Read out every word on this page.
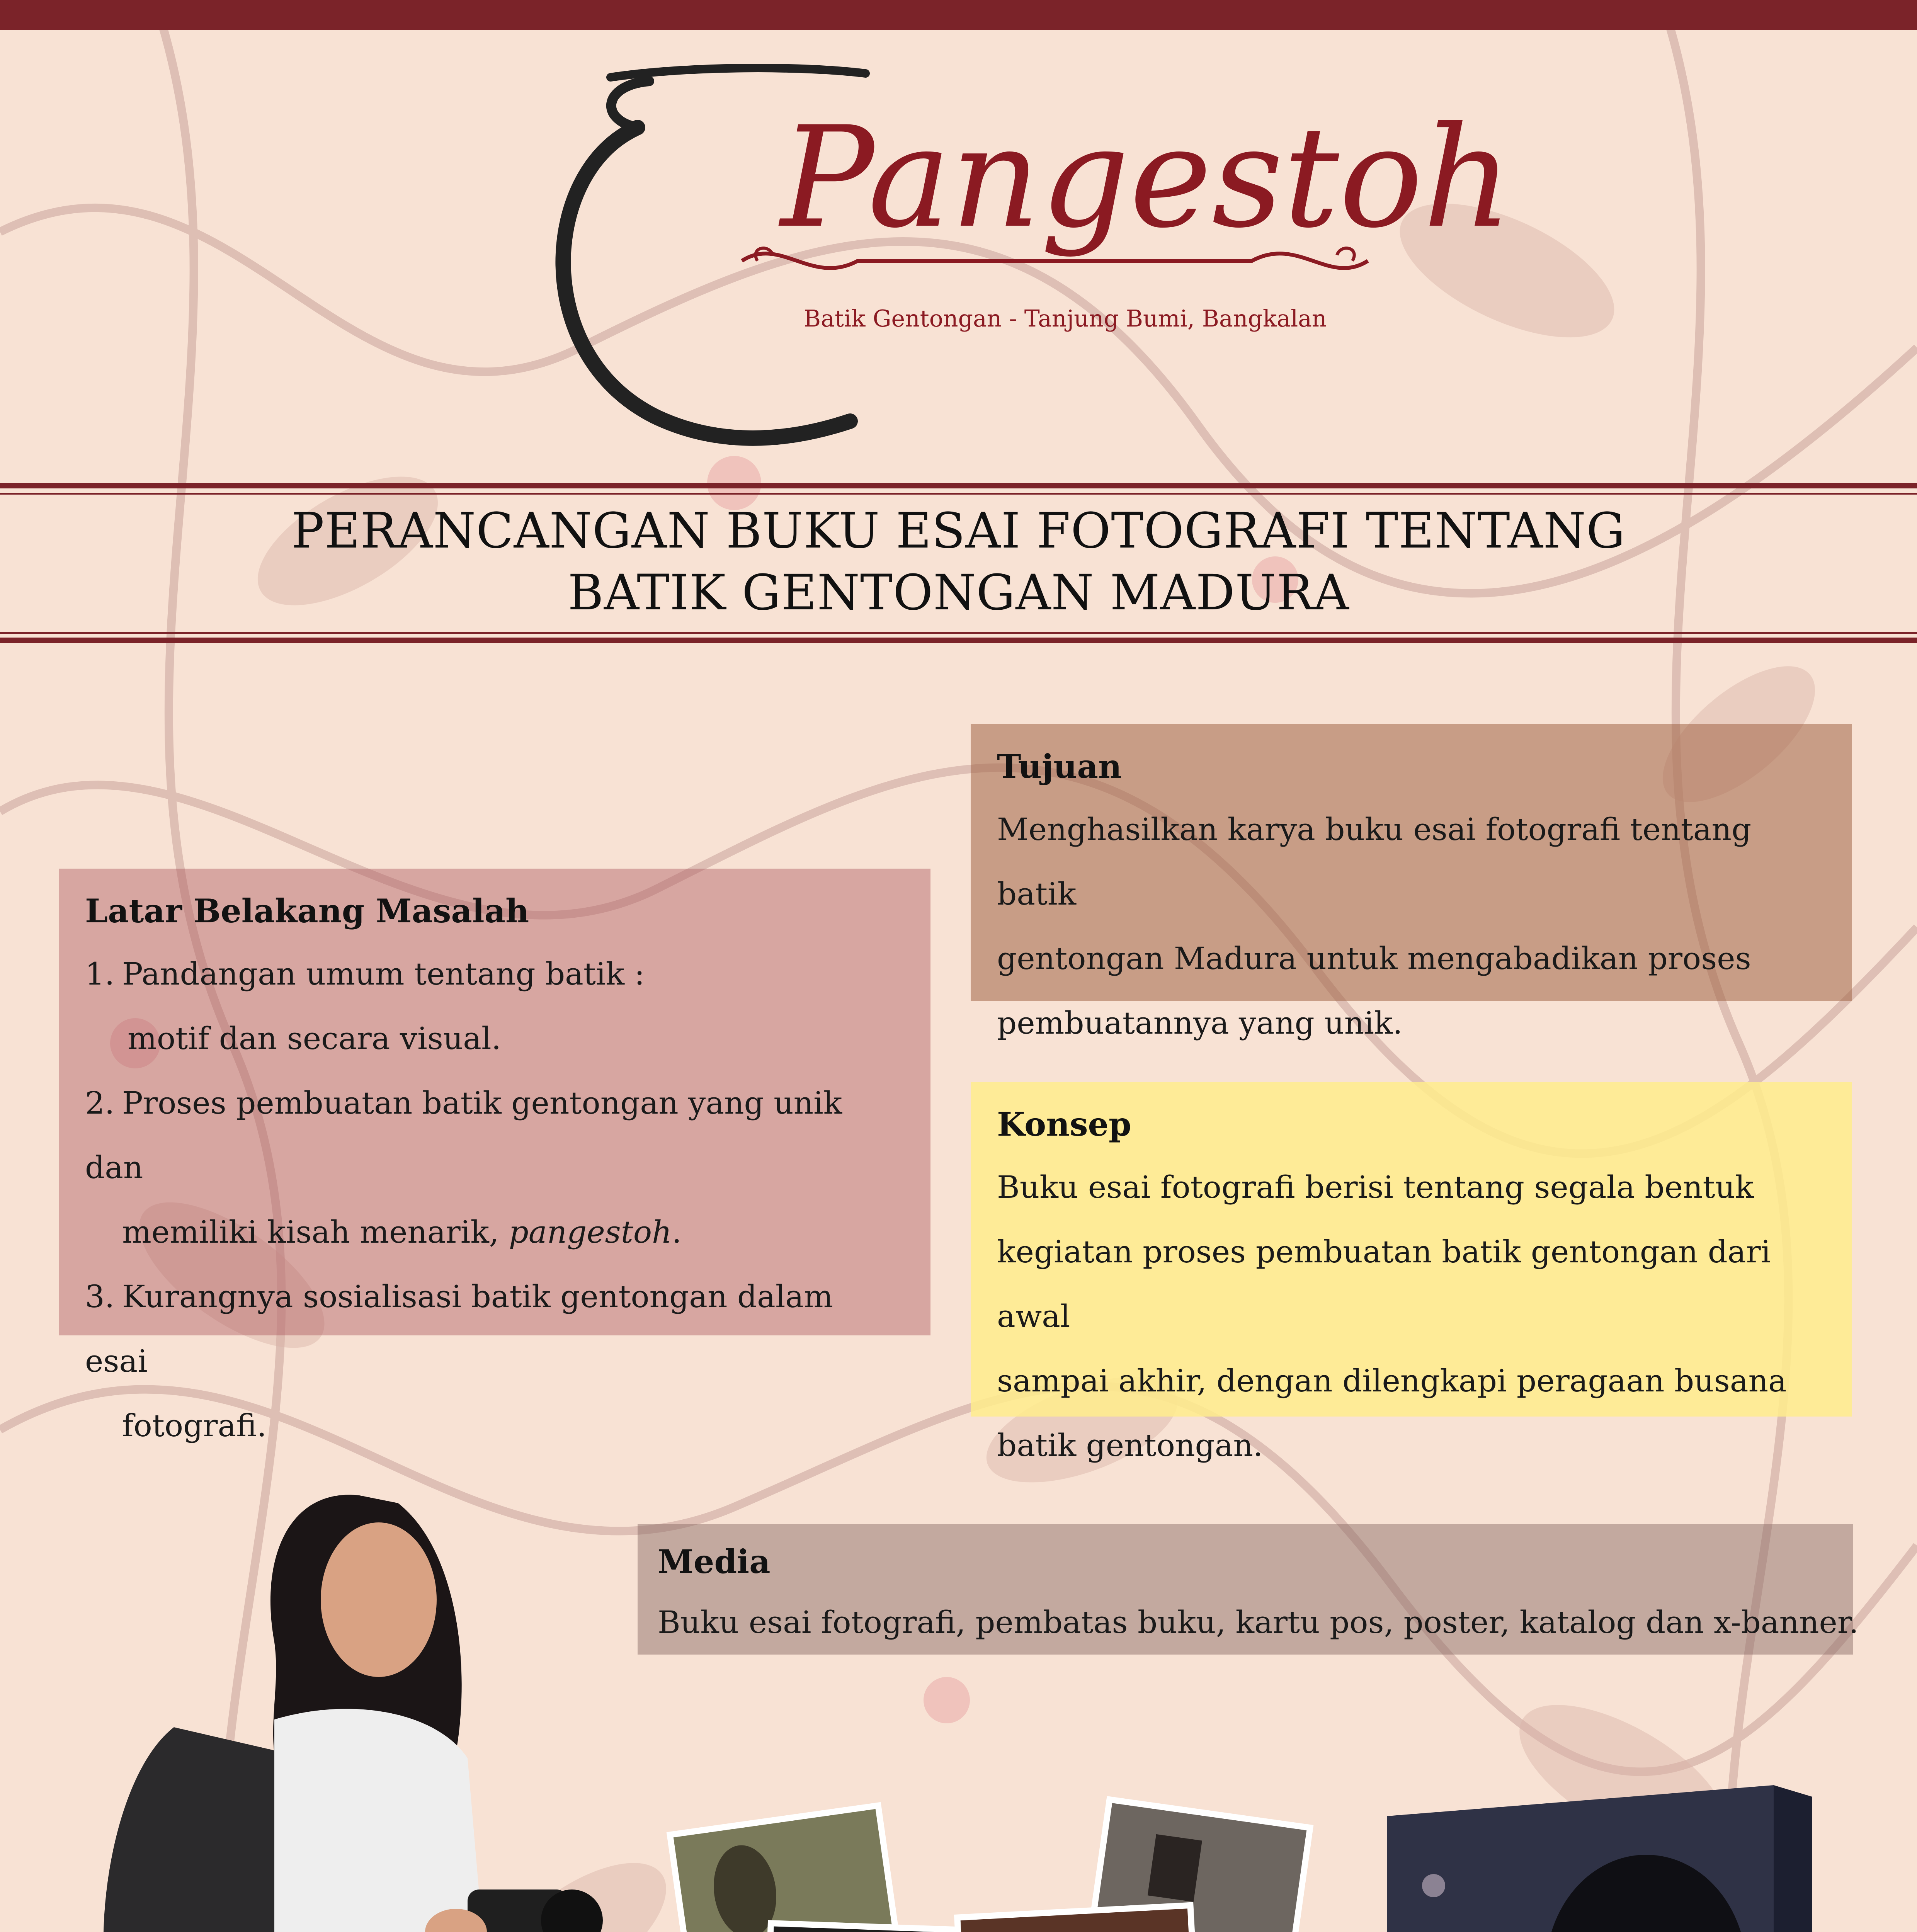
Pangestoh
Batik Gentongan - Tanjung Bumi, Bangkalan
PERANCANGAN BUKU ESAI FOTOGRAFI TENTANG
BATIK GENTONGAN MADURA
Latar Belakang Masalah
1. Pandangan umum tentang batik :
motif dan secara visual.
2. Proses pembuatan batik gentongan yang unik dan
memiliki kisah menarik, pangestoh.
3. Kurangnya sosialisasi batik gentongan dalam esai
fotografi.
Tujuan

Menghasilkan karya buku esai fotografi tentang batik

gentongan Madura untuk mengabadikan proses

pembuatannya yang unik.

Konsep

Buku esai fotografi berisi tentang segala bentuk

kegiatan proses pembuatan batik gentongan dari awal

sampai akhir, dengan dilengkapi peragaan busana

batik gentongan.

Media

Buku esai fotografi, pembatas buku, kartu pos, poster, katalog dan x-banner.
